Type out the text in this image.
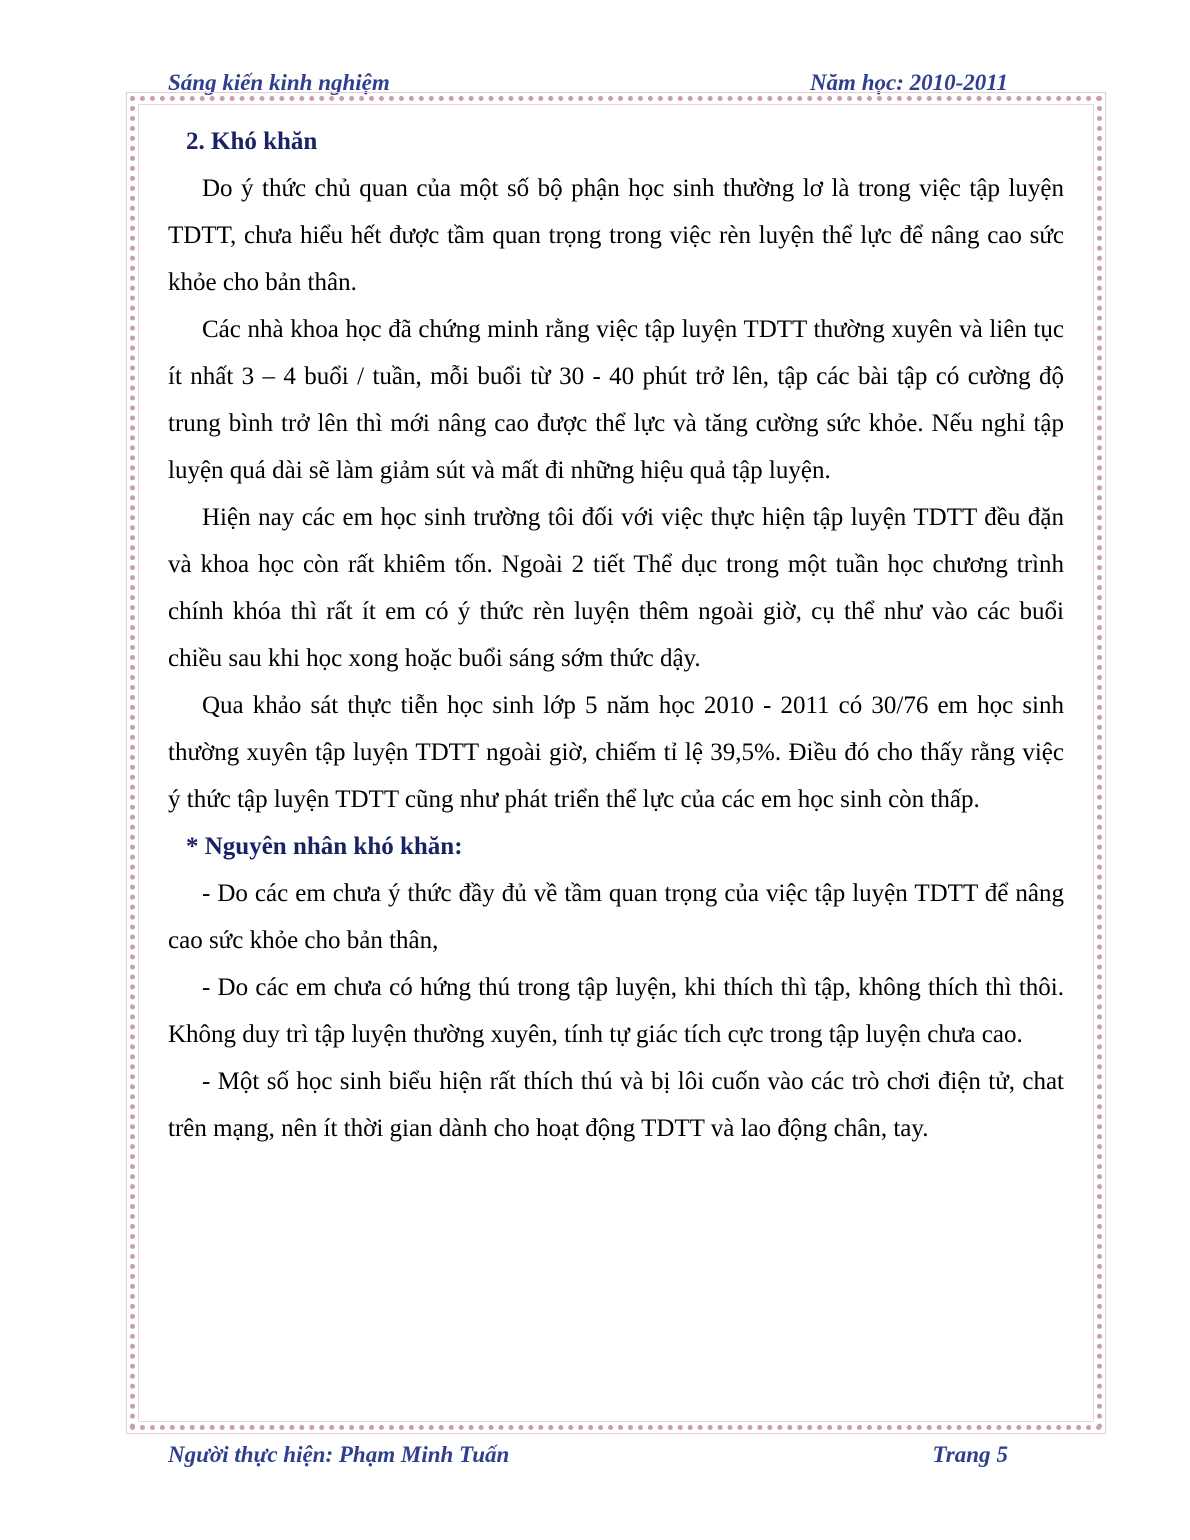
Sáng kiến kinh nghiệm	Năm học: 2010-2011
2. Khó khăn

Do ý thức chủ quan của một số bộ phận học sinh thường lơ là trong việc tập luyện TDTT, chưa hiểu hết được tầm quan trọng trong việc rèn luyện thể lực để nâng cao sức khỏe cho bản thân.

Các nhà khoa học đã chứng minh rằng việc tập luyện TDTT thường xuyên và liên tục ít nhất 3 – 4 buổi / tuần, mỗi buổi từ 30 - 40 phút trở lên, tập các bài tập có cường độ trung bình trở lên thì mới nâng cao được thể lực và tăng cường sức khỏe. Nếu nghỉ tập luyện quá dài sẽ làm giảm sút và mất đi những hiệu quả tập luyện.

Hiện nay các em học sinh trường tôi đối với việc thực hiện tập luyện TDTT đều đặn và khoa học còn rất khiêm tốn. Ngoài 2 tiết Thể dục trong một tuần học chương trình chính khóa thì rất ít em có ý thức rèn luyện thêm ngoài giờ, cụ thể như vào các buổi chiều sau khi học xong hoặc buổi sáng sớm thức dậy.

Qua khảo sát thực tiễn học sinh lớp 5 năm học 2010 - 2011 có 30/76 em học sinh thường xuyên tập luyện TDTT ngoài giờ, chiếm tỉ lệ 39,5%. Điều đó cho thấy rằng việc ý thức tập luyện TDTT cũng như phát triển thể lực của các em học sinh còn thấp.

* Nguyên nhân khó khăn:

- Do các em chưa ý thức đầy đủ về tầm quan trọng của việc tập luyện TDTT để nâng cao sức khỏe cho bản thân,

- Do các em chưa có hứng thú trong tập luyện, khi thích thì tập, không thích thì thôi. Không duy trì tập luyện thường xuyên, tính tự giác tích cực trong tập luyện chưa cao.

- Một số học sinh biểu hiện rất thích thú và bị lôi cuốn vào các trò chơi điện tử, chat trên mạng, nên ít thời gian dành cho hoạt động TDTT và lao động chân, tay.

Người thực hiện: Phạm Minh Tuấn	Trang 5
